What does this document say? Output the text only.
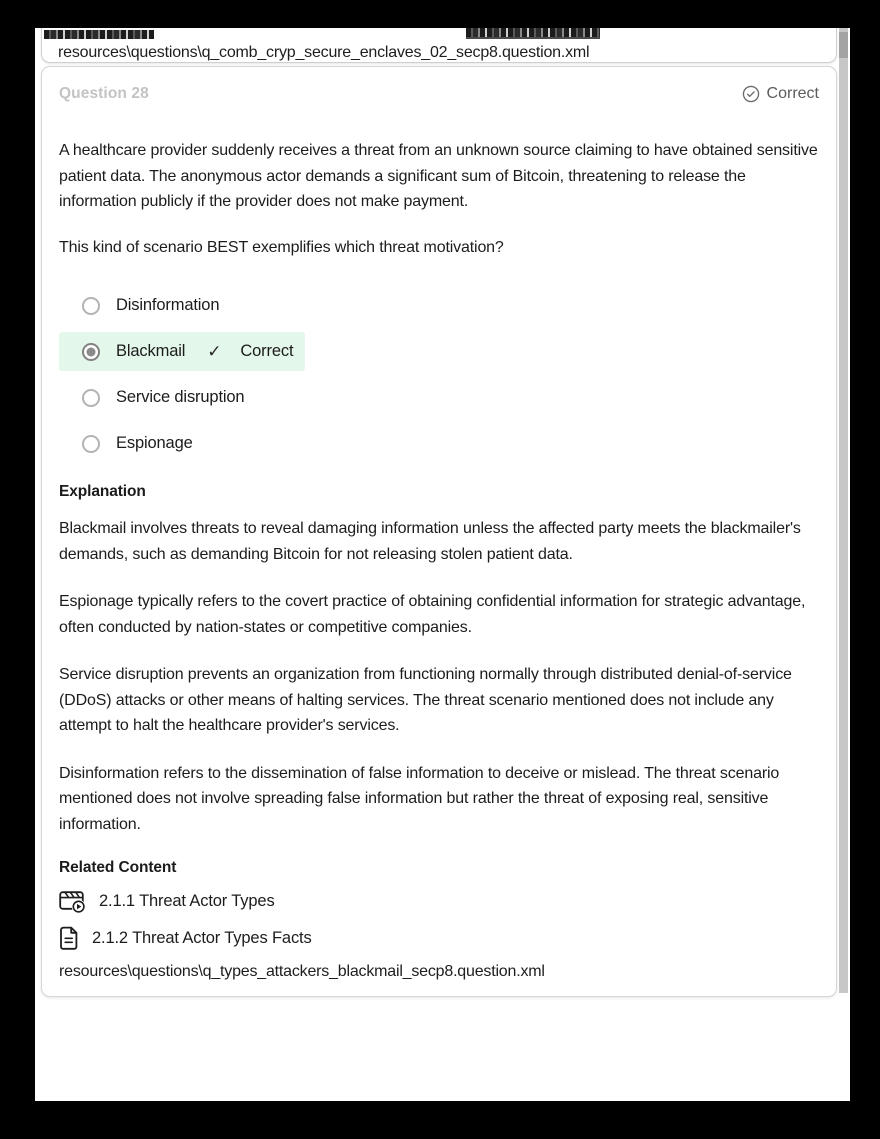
resources\questions\q_comb_cryp_secure_enclaves_02_secp8.question.xml
Question 28	Correct

A healthcare provider suddenly receives a threat from an unknown source claiming to have obtained sensitive patient data. The anonymous actor demands a significant sum of Bitcoin, threatening to release the information publicly if the provider does not make payment.

This kind of scenario BEST exemplifies which threat motivation?

Disinformation
Blackmail ✓ Correct
Service disruption
Espionage
Explanation

Blackmail involves threats to reveal damaging information unless the affected party meets the blackmailer's demands, such as demanding Bitcoin for not releasing stolen patient data.

Espionage typically refers to the covert practice of obtaining confidential information for strategic advantage, often conducted by nation-states or competitive companies.

Service disruption prevents an organization from functioning normally through distributed denial-of-service (DDoS) attacks or other means of halting services. The threat scenario mentioned does not include any attempt to halt the healthcare provider's services.

Disinformation refers to the dissemination of false information to deceive or mislead. The threat scenario mentioned does not involve spreading false information but rather the threat of exposing real, sensitive information.

Related Content
2.1.1 Threat Actor Types
2.1.2 Threat Actor Types Facts
resources\questions\q_types_attackers_blackmail_secp8.question.xml
